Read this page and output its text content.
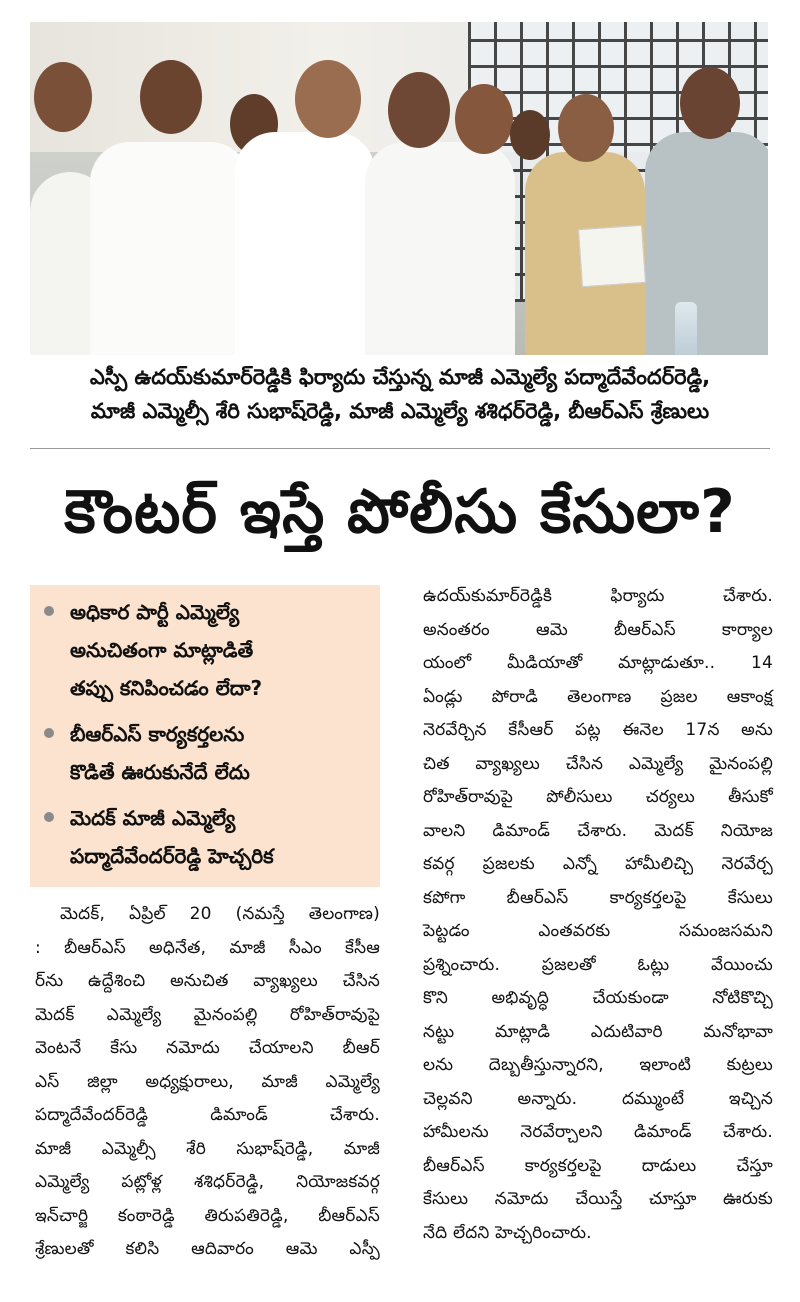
ఎస్పీ ఉదయ్‌కుమార్‌రెడ్డికి ఫిర్యాదు చేస్తున్న మాజీ ఎమ్మెల్యే పద్మాదేవేందర్‌రెడ్డి,
మాజీ ఎమ్మెల్సీ శేరి సుభాష్‌రెడ్డి, మాజీ ఎమ్మెల్యే శశిధర్‌రెడ్డి, బీఆర్‌ఎస్ శ్రేణులు
కౌంటర్ ఇస్తే పోలీసు కేసులా?
అధికార పార్టీ ఎమ్మెల్యే
అనుచితంగా మాట్లాడితే
తప్పు కనిపించడం లేదా?
బీఆర్‌ఎస్ కార్యకర్తలను
కొడితే ఊరుకునేదే లేదు
మెదక్ మాజీ ఎమ్మెల్యే
పద్మాదేవేందర్‌రెడ్డి హెచ్చరిక
మెదక్, ఏప్రిల్ 20 (నమస్తే తెలంగాణ)
: బీఆర్‌ఎస్ అధినేత, మాజీ సీఎం కేసీఆ
ర్‌ను ఉద్దేశించి అనుచిత వ్యాఖ్యలు చేసిన
మెదక్ ఎమ్మెల్యే మైనంపల్లి రోహిత్‌రావుపై
వెంటనే కేసు నమోదు చేయాలని బీఆర్
ఎస్ జిల్లా అధ్యక్షురాలు, మాజీ ఎమ్మెల్యే
పద్మాదేవేందర్‌రెడ్డి డిమాండ్ చేశారు.
మాజీ ఎమ్మెల్సీ శేరి సుభాష్‌రెడ్డి, మాజీ
ఎమ్మెల్యే పట్లోళ్ల శశిధర్‌రెడ్డి, నియోజకవర్గ
ఇన్‌చార్జి కంఠారెడ్డి తిరుపతిరెడ్డి, బీఆర్‌ఎస్
శ్రేణులతో కలిసి ఆదివారం ఆమె ఎస్పీ
ఉదయ్‌కుమార్‌రెడ్డికి ఫిర్యాదు చేశారు.
అనంతరం ఆమె బీఆర్‌ఎస్ కార్యాల
యంలో మీడియాతో మాట్లాడుతూ.. 14
ఏండ్లు పోరాడి తెలంగాణ ప్రజల ఆకాంక్ష
నెరవేర్చిన కేసీఆర్ పట్ల ఈనెల 17న అను
చిత వ్యాఖ్యలు చేసిన ఎమ్మెల్యే మైనంపల్లి
రోహిత్‌రావుపై పోలీసులు చర్యలు తీసుకో
వాలని డిమాండ్ చేశారు. మెదక్ నియోజ
కవర్గ ప్రజలకు ఎన్నో హామీలిచ్చి నెరవేర్చ
కపోగా బీఆర్‌ఎస్ కార్యకర్తలపై కేసులు
పెట్టడం ఎంతవరకు సమంజసమని
ప్రశ్నించారు. ప్రజలతో ఓట్లు వేయించు
కొని అభివృద్ధి చేయకుండా నోటికొచ్చి
నట్టు మాట్లాడి ఎదుటివారి మనోభావా
లను దెబ్బతీస్తున్నారని, ఇలాంటి కుట్రలు
చెల్లవని అన్నారు. దమ్ముంటే ఇచ్చిన
హామీలను నెరవేర్చాలని డిమాండ్ చేశారు.
బీఆర్‌ఎస్ కార్యకర్తలపై దాడులు చేస్తూ
కేసులు నమోదు చేయిస్తే చూస్తూ ఊరుకు
నేది లేదని హెచ్చరించారు.
